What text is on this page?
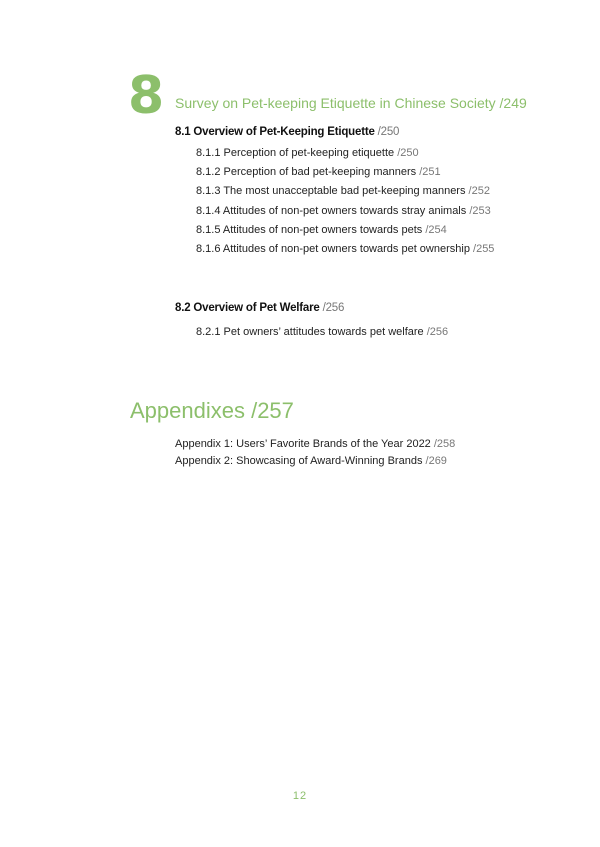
8 Survey on Pet-keeping Etiquette in Chinese Society /249
8.1 Overview of Pet-Keeping Etiquette /250
8.1.1 Perception of pet-keeping etiquette /250
8.1.2 Perception of bad pet-keeping manners /251
8.1.3 The most unacceptable bad pet-keeping manners /252
8.1.4 Attitudes of non-pet owners towards stray animals /253
8.1.5 Attitudes of non-pet owners towards pets /254
8.1.6 Attitudes of non-pet owners towards pet ownership /255
8.2 Overview of Pet Welfare /256
8.2.1 Pet owners’ attitudes towards pet welfare /256
Appendixes /257
Appendix 1: Users’ Favorite Brands of the Year 2022 /258
Appendix 2: Showcasing of Award-Winning Brands /269
12
